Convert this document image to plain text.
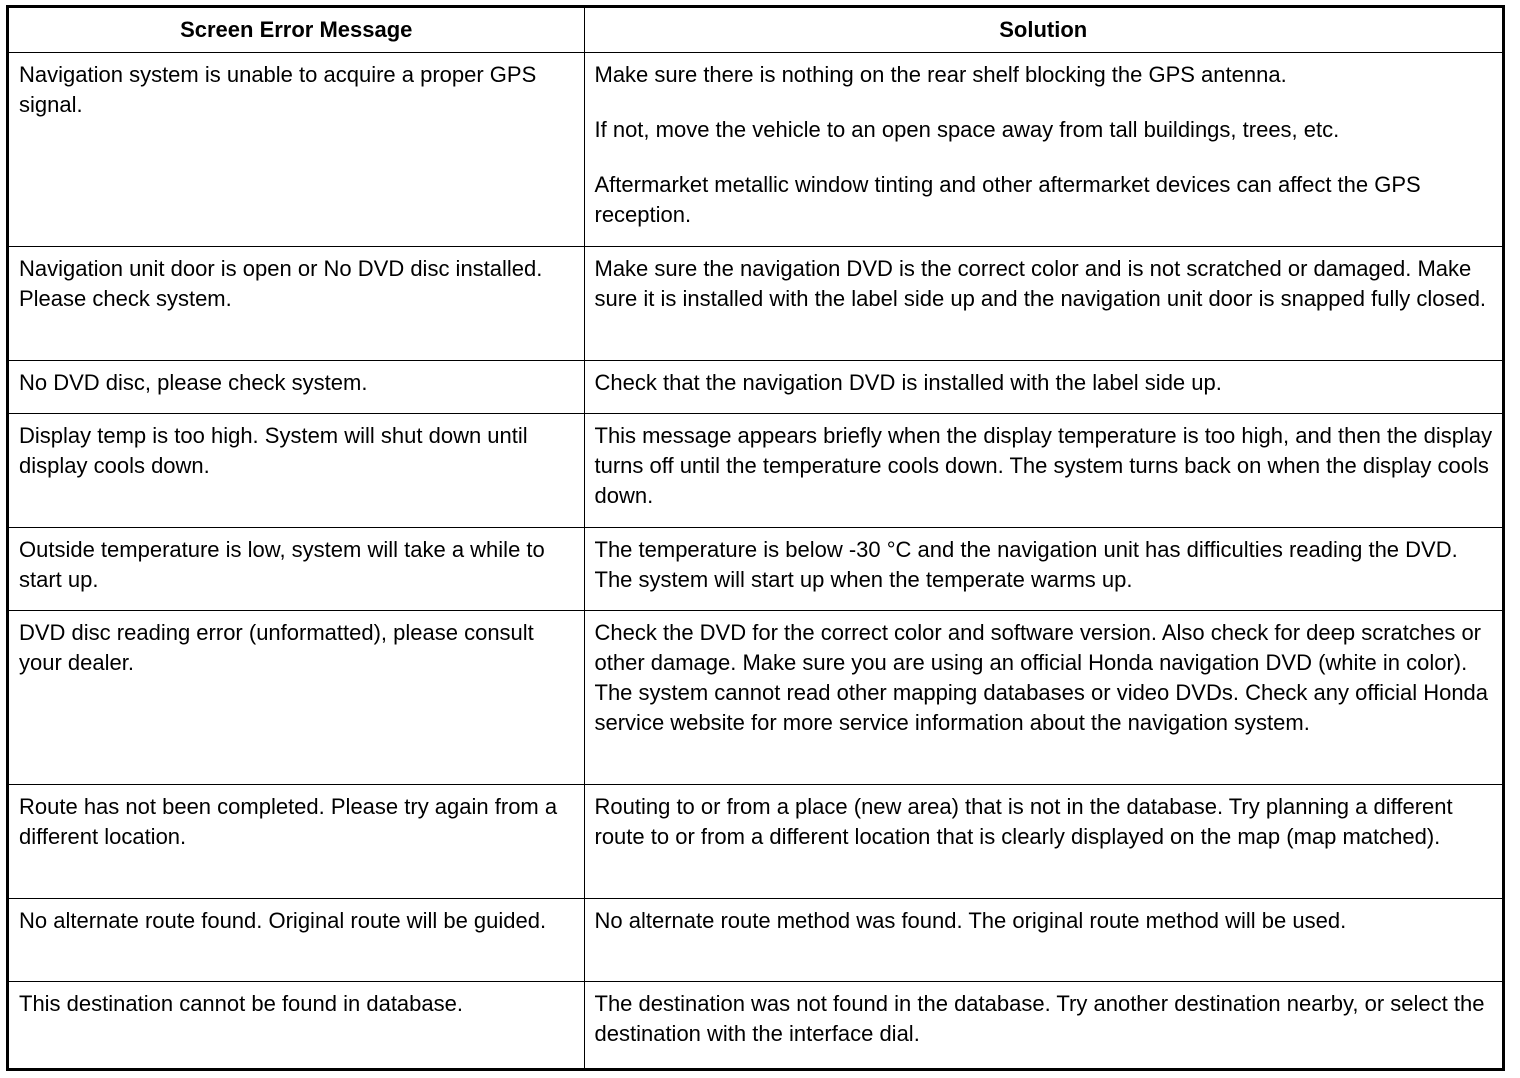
Screen Error Message	Solution
Navigation system is unable to acquire a proper GPS signal.	Make sure there is nothing on the rear shelf blocking the GPS antenna.

If not, move the vehicle to an open space away from tall buildings, trees, etc.

Aftermarket metallic window tinting and other aftermarket devices can affect the GPS reception.

Navigation unit door is open or No DVD disc installed. Please check system.	Make sure the navigation DVD is the correct color and is not scratched or damaged. Make sure it is installed with the label side up and the navigation unit door is snapped fully closed.

No DVD disc, please check system.	Check that the navigation DVD is installed with the label side up.

Display temp is too high. System will shut down until display cools down.	This message appears briefly when the display temperature is too high, and then the display turns off until the temperature cools down. The system turns back on when the display cools down.

Outside temperature is low, system will take a while to start up.	The temperature is below -30 °C and the navigation unit has difficulties reading the DVD. The system will start up when the temperate warms up.

DVD disc reading error (unformatted), please consult your dealer.	Check the DVD for the correct color and software version. Also check for deep scratches or other damage. Make sure you are using an official Honda navigation DVD (white in color). The system cannot read other mapping databases or video DVDs. Check any official Honda service website for more service information about the navigation system.

Route has not been completed. Please try again from a different location.	Routing to or from a place (new area) that is not in the database. Try planning a different route to or from a different location that is clearly displayed on the map (map matched).

No alternate route found. Original route will be guided.	No alternate route method was found. The original route method will be used.

This destination cannot be found in database.	The destination was not found in the database. Try another destination nearby, or select the destination with the interface dial.
